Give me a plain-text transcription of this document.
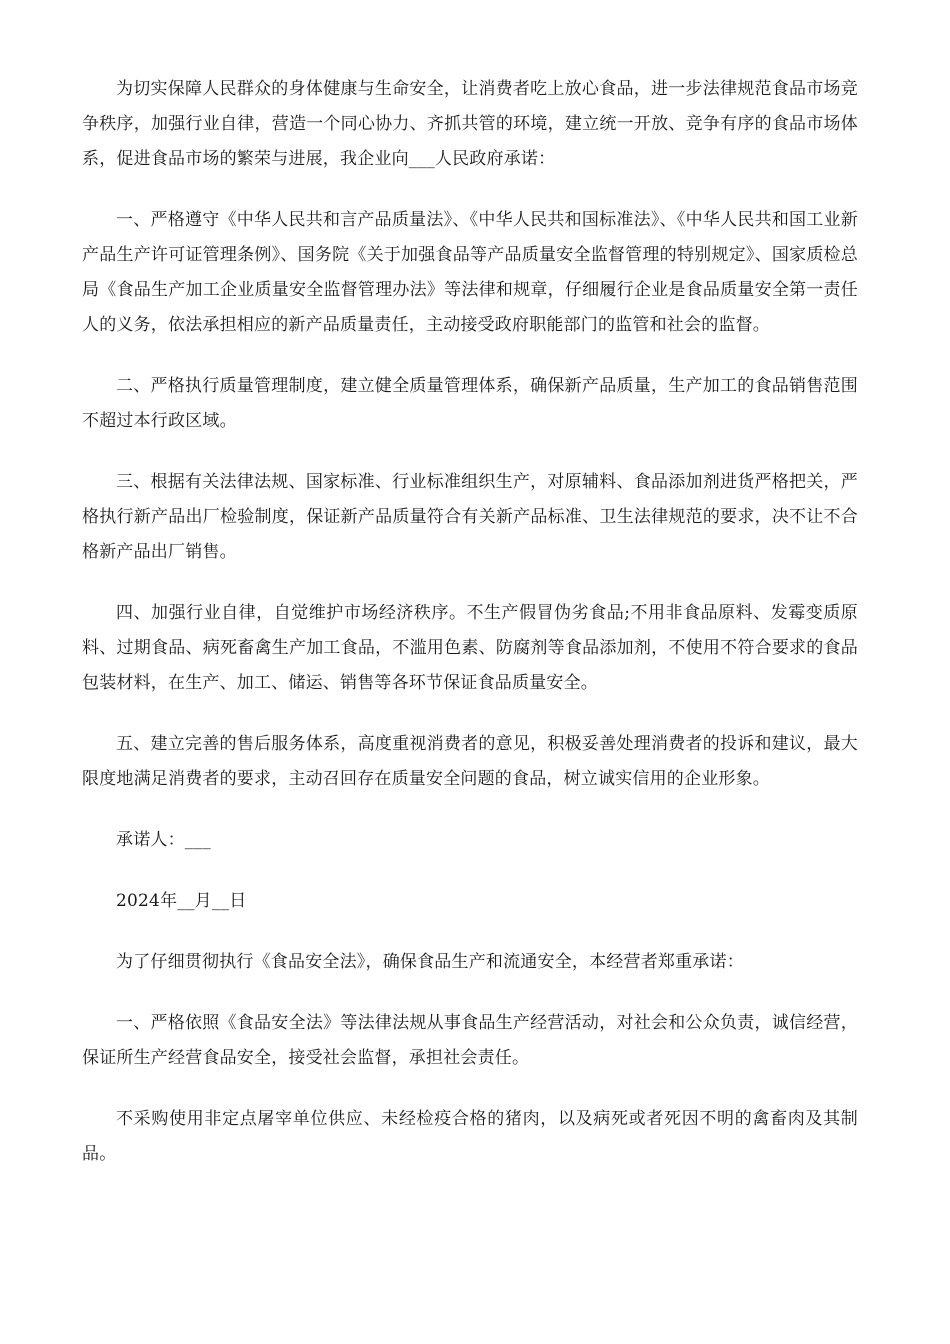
为切实保障人民群众的身体健康与生命安全，让消费者吃上放心食品，进一步法律规范食品市场竞争秩序，加强行业自律，营造一个同心协力、齐抓共管的环境，建立统一开放、竞争有序的食品市场体系，促进食品市场的繁荣与进展，我企业向___人民政府承诺：

一、严格遵守《中华人民共和言产品质量法》、《中华人民共和国标准法》、《中华人民共和国工业新产品生产许可证管理条例》、国务院《关于加强食品等产品质量安全监督管理的特别规定》、国家质检总局《食品生产加工企业质量安全监督管理办法》等法律和规章，仔细履行企业是食品质量安全第一责任人的义务，依法承担相应的新产品质量责任，主动接受政府职能部门的监管和社会的监督。

二、严格执行质量管理制度，建立健全质量管理体系，确保新产品质量，生产加工的食品销售范围不超过本行政区域。

三、根据有关法律法规、国家标准、行业标准组织生产，对原辅料、食品添加剂进货严格把关，严格执行新产品出厂检验制度，保证新产品质量符合有关新产品标准、卫生法律规范的要求，决不让不合格新产品出厂销售。

四、加强行业自律，自觉维护市场经济秩序。不生产假冒伪劣食品;不用非食品原料、发霉变质原料、过期食品、病死畜禽生产加工食品，不滥用色素、防腐剂等食品添加剂，不使用不符合要求的食品包装材料，在生产、加工、储运、销售等各环节保证食品质量安全。

五、建立完善的售后服务体系，高度重视消费者的意见，积极妥善处理消费者的投诉和建议，最大限度地满足消费者的要求，主动召回存在质量安全问题的食品，树立诚实信用的企业形象。

承诺人：___

2024年__月__日

为了仔细贯彻执行《食品安全法》，确保食品生产和流通安全，本经营者郑重承诺：

一、严格依照《食品安全法》等法律法规从事食品生产经营活动，对社会和公众负责，诚信经营，保证所生产经营食品安全，接受社会监督，承担社会责任。

不采购使用非定点屠宰单位供应、未经检疫合格的猪肉，以及病死或者死因不明的禽畜肉及其制品。
